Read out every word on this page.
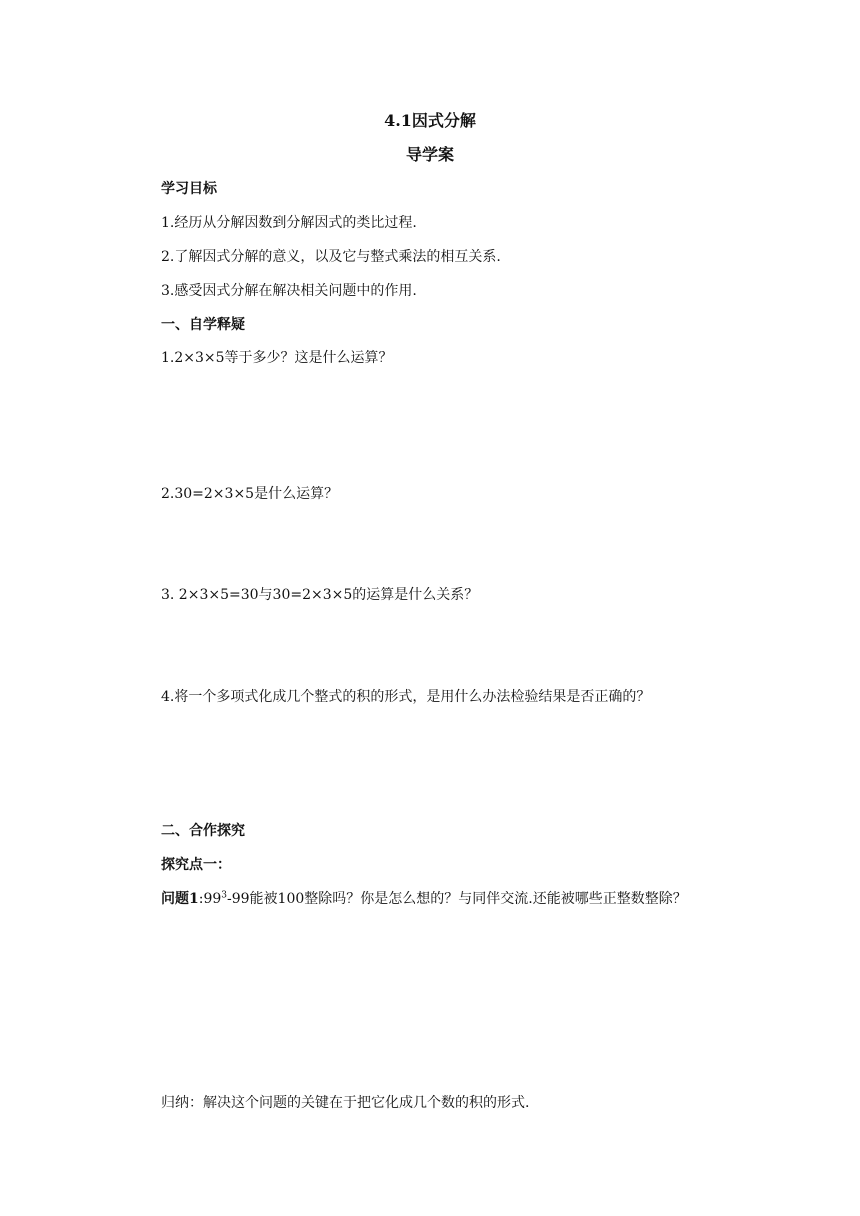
4.1因式分解
导学案
学习目标
1.经历从分解因数到分解因式的类比过程.
2.了解因式分解的意义，以及它与整式乘法的相互关系.
3.感受因式分解在解决相关问题中的作用.
一、自学释疑
1.2×3×5等于多少？这是什么运算？
2.30=2×3×5是什么运算？
3. 2×3×5=30与30=2×3×5的运算是什么关系？
4.将一个多项式化成几个整式的积的形式，是用什么办法检验结果是否正确的？
二、合作探究
探究点一：
问题$1:99^3-99$能被100整除吗？你是怎么想的？与同伴交流.还能被哪些正整数整除？
归纳：解决这个问题的关键在于把它化成几个数的积的形式.
